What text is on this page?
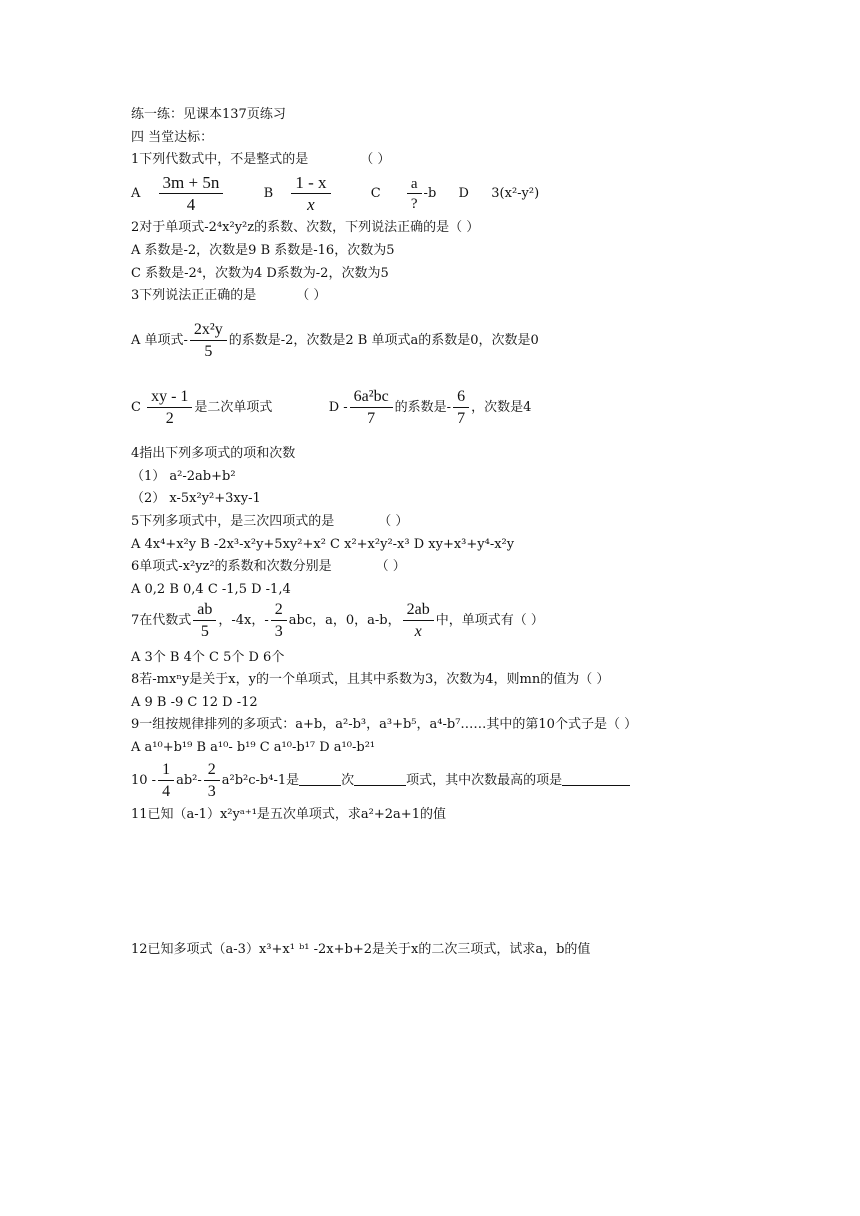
练一练：见课本137页练习
四 当堂达标：
1下列代数式中，不是整式的是	（ ）
A $\frac{3m + 5n}{4}$	B $\frac{1 - x}{x}$	C $\frac{a}{?} -b$ D 3(x²-y²)
2对于单项式-2⁴x²y²z的系数、次数，下列说法正确的是（ ）
A 系数是-2，次数是9 B 系数是-16，次数为5
C 系数是-2⁴，次数为4 D系数为-2，次数为5
3下列说法正正确的是	（ ）
A 单项式- $\frac{\text{2x²y}}{5}$ 的系数是-2，次数是2 B 单项式a的系数是0，次数是0
C $\frac{xy - 1}{2}$ 是二次单项式	D - $\frac{\text{6a²bc}}{7}$ 的系数是- $\frac{6}{7}$ ，次数是4
4指出下列多项式的项和次数
（1） a²-2ab+b²
（2） x-5x²y²+3xy-1
5下列多项式中，是三次四项式的是	（ ）
A 4x⁴+x²y B -2x³-x²y+5xy²+x² C x²+x²y²-x³ D xy+x³+y⁴-x²y
6单项式-x²yz²的系数和次数分别是	（ ）
A 0,2 B 0,4 C -1,5 D -1,4
7在代数式 $\frac{ab}{5}$ ，-4x，- $\frac{2}{3}$ abc，a，0，a-b， $\frac{2ab}{x}$ 中，单项式有（ ）
A 3个 B 4个 C 5个 D 6个
8若-mxⁿy是关于x，y的一个单项式，且其中系数为3，次数为4，则mn的值为（ ）
A 9 B -9 C 12 D -12
9一组按规律排列的多项式：a+b，a²-b³，a³+b⁵，a⁴-b⁷……其中的第10个式子是（ ）
A a¹⁰+b¹⁹ B a¹⁰- b¹⁹ C a¹⁰-b¹⁷ D a¹⁰-b²¹
$10 - \frac{1}{4} ab^2- \frac{2}{3} a^2b^2c-b^4-1$是	次	项式，其中次数最高的项是
11已知（a-1）x²yᵃ⁺¹是五次单项式，求a²+2a+1的值
12已知多项式（a-3）x³+x¹ ᵇ¹ -2x+b+2是关于x的二次三项式，试求a，b的值
